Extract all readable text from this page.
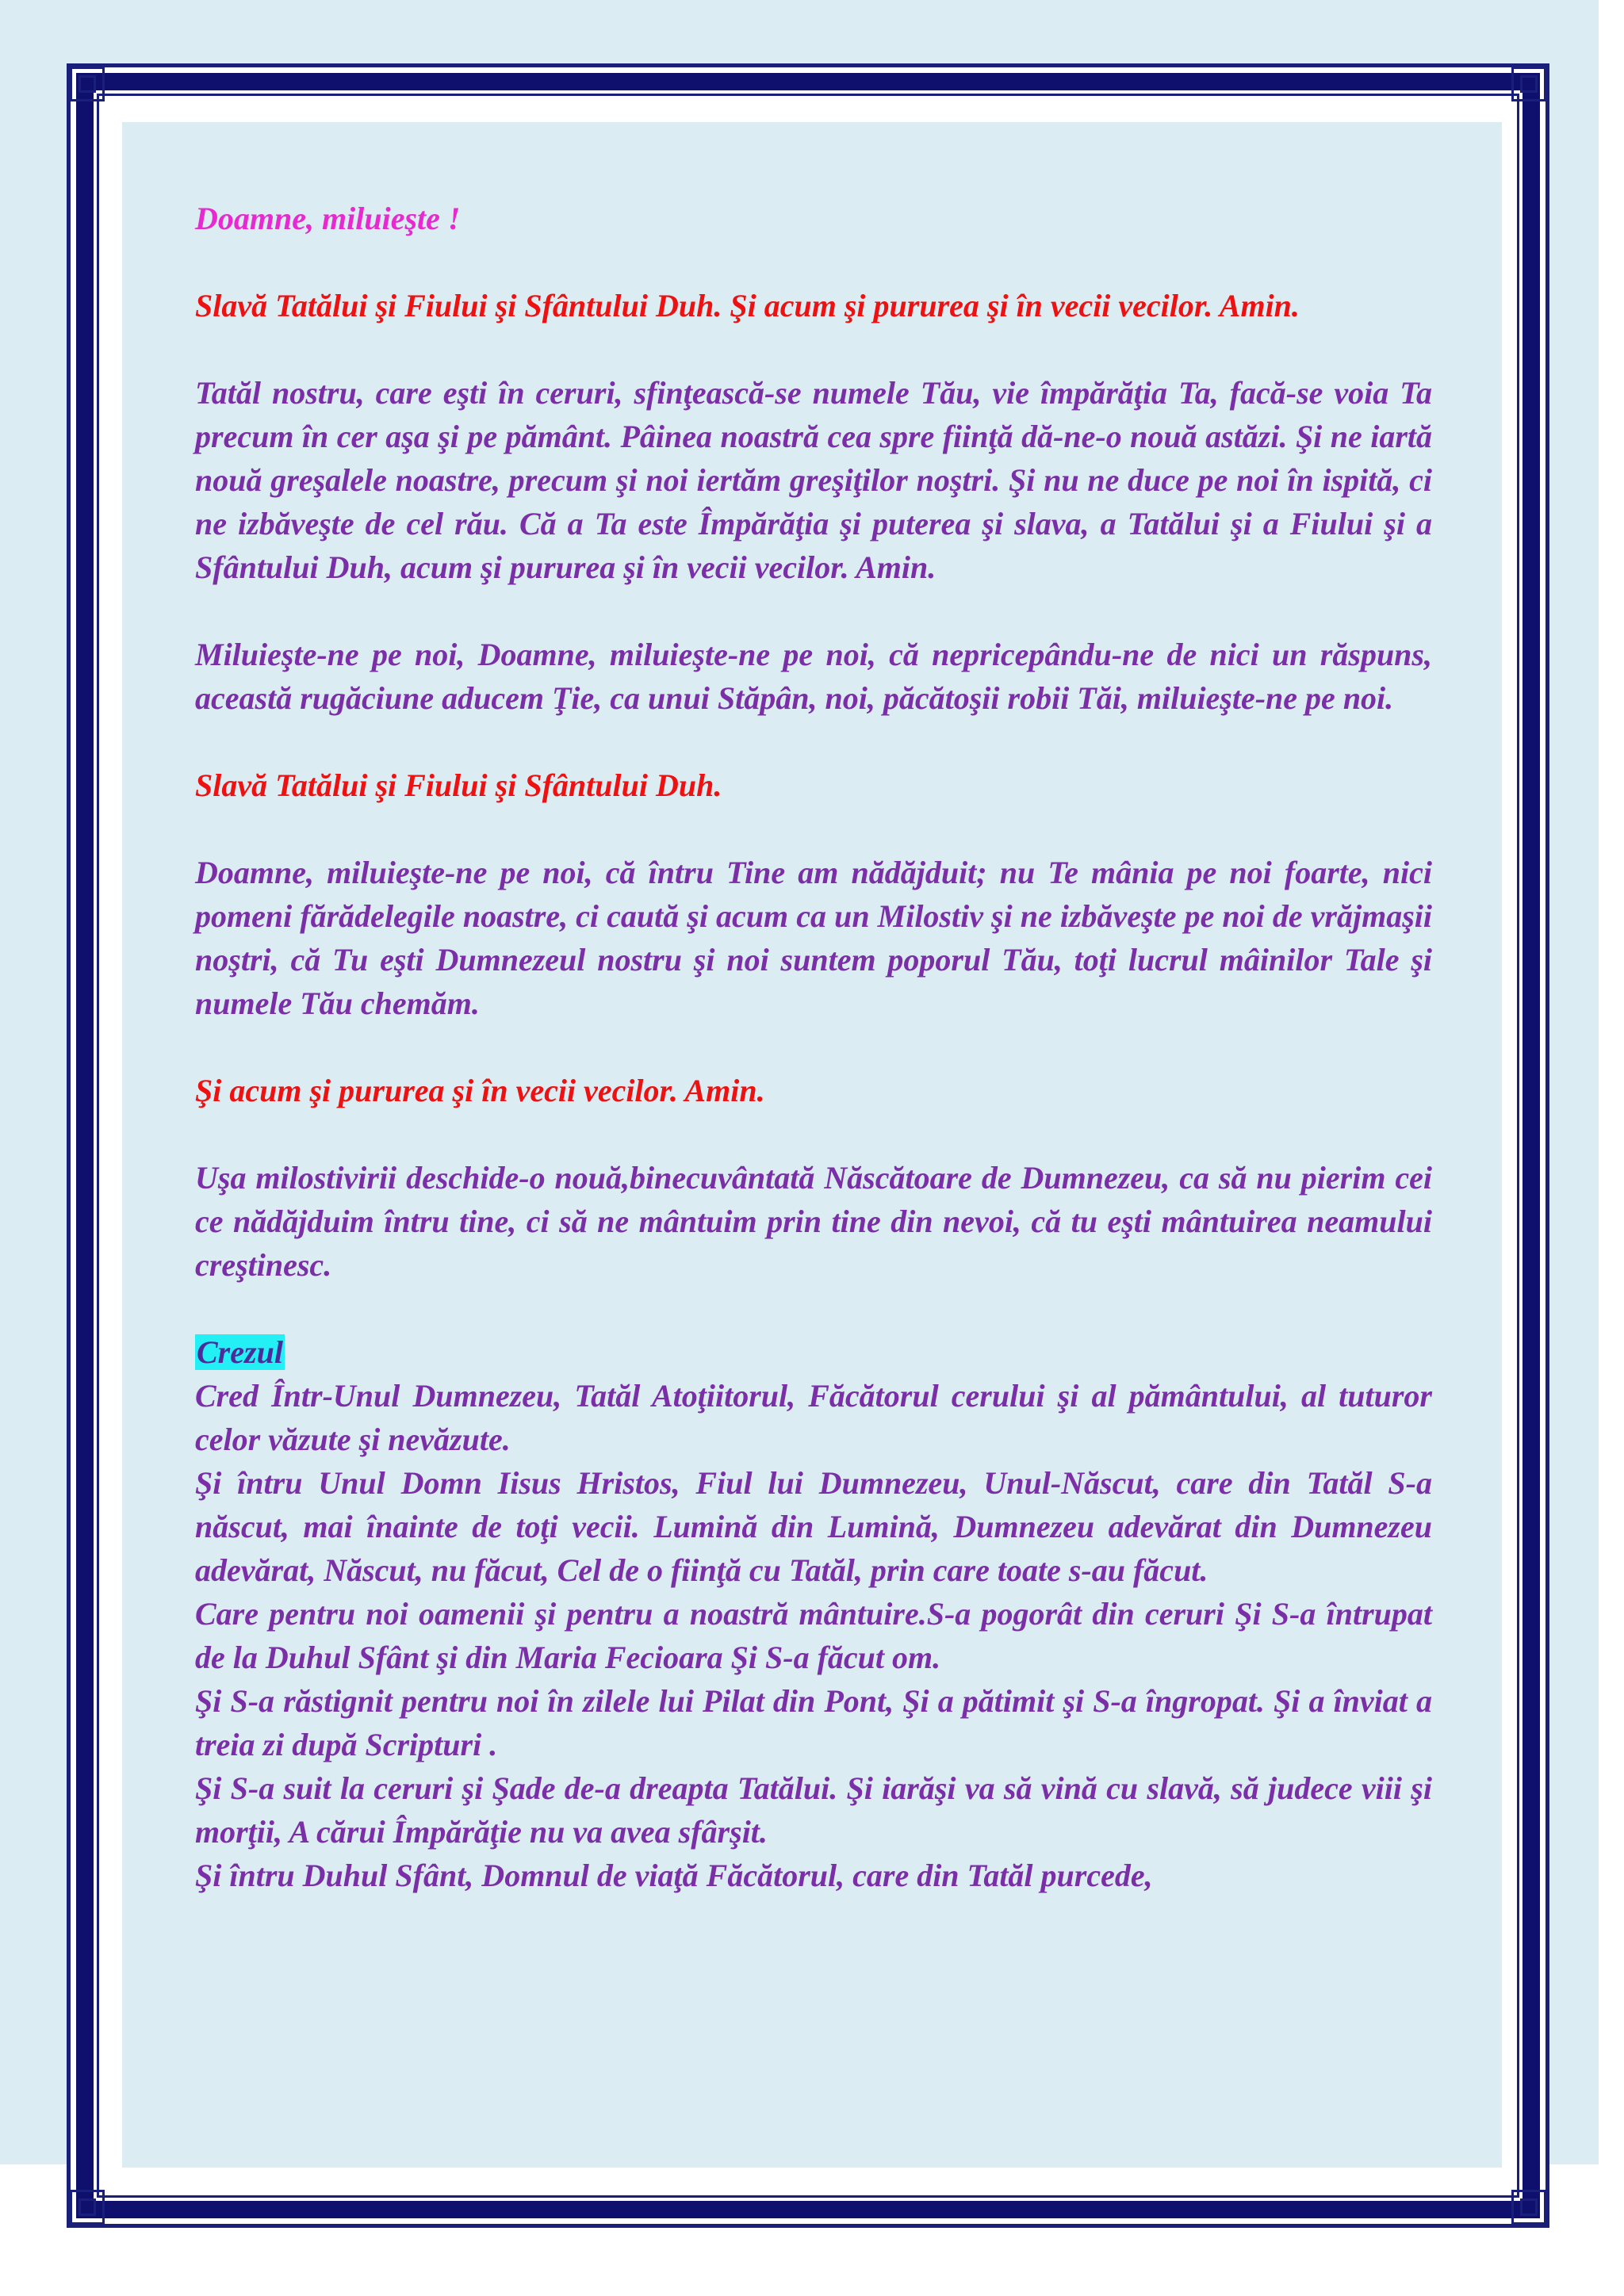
Doamne, miluieşte !

Slavă Tatălui şi Fiului şi Sfântului Duh. Şi acum şi pururea şi în vecii vecilor. Amin.

Tatăl nostru, care eşti în ceruri, sfinţească-se numele Tău, vie împărăţia Ta, facă-se voia Ta precum în cer aşa şi pe pământ. Pâinea noastră cea spre fiinţă dă-ne-o nouă astăzi. Şi ne iartă nouă greşalele noastre, precum şi noi iertăm greşiţilor noştri. Şi nu ne duce pe noi în ispită, ci ne izbăveşte de cel rău. Că a Ta este Împărăţia şi puterea şi slava, a Tatălui şi a Fiului şi a Sfântului Duh, acum şi pururea şi în vecii vecilor. Amin.

Miluieşte-ne pe noi, Doamne, miluieşte-ne pe noi, că nepricepându-ne de nici un răspuns, această rugăciune aducem Ţie, ca unui Stăpân, noi, păcătoşii robii Tăi, miluieşte-ne pe noi.

Slavă Tatălui şi Fiului şi Sfântului Duh.

Doamne, miluieşte-ne pe noi, că întru Tine am nădăjduit; nu Te mânia pe noi foarte, nici pomeni fărădelegile noastre, ci caută şi acum ca un Milostiv şi ne izbăveşte pe noi de vrăjmaşii noştri, că Tu eşti Dumnezeul nostru şi noi suntem poporul Tău, toţi lucrul mâinilor Tale şi numele Tău chemăm.

Şi acum şi pururea şi în vecii vecilor. Amin.

Uşa milostivirii deschide-o nouă,binecuvântată Născătoare de Dumnezeu, ca să nu pierim cei ce nădăjduim întru tine, ci să ne mântuim prin tine din nevoi, că tu eşti mântuirea neamului creştinesc.

Crezul

Cred Într-Unul Dumnezeu, Tatăl Atoţiitorul, Făcătorul cerului şi al pământului, al tuturor celor văzute şi nevăzute.

Şi întru Unul Domn Iisus Hristos, Fiul lui Dumnezeu, Unul-Născut, care din Tatăl S-a născut, mai înainte de toţi vecii. Lumină din Lumină, Dumnezeu adevărat din Dumnezeu adevărat, Născut, nu făcut, Cel de o fiinţă cu Tatăl, prin care toate s-au făcut.

Care pentru noi oamenii şi pentru a noastră mântuire.S-a pogorât din ceruri Şi S-a întrupat de la Duhul Sfânt şi din Maria Fecioara Şi S-a făcut om.

Şi S-a răstignit pentru noi în zilele lui Pilat din Pont, Şi a pătimit şi S-a îngropat. Şi a înviat a treia zi după Scripturi .

Şi S-a suit la ceruri şi Şade de-a dreapta Tatălui. Şi iarăşi va să vină cu slavă, să judece viii şi morţii, A cărui Împărăţie nu va avea sfârşit.

Şi întru Duhul Sfânt, Domnul de viaţă Făcătorul, care din Tatăl purcede,
